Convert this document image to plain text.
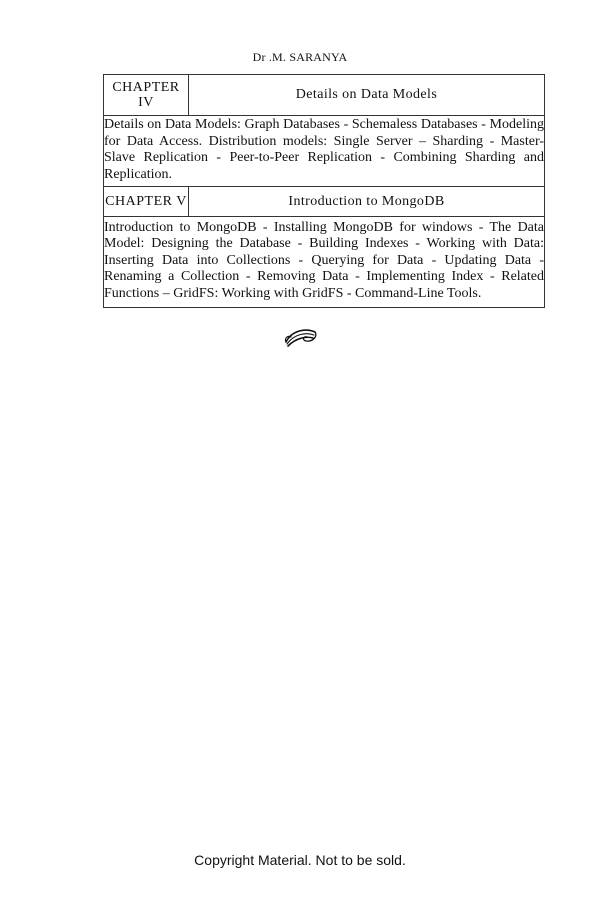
Dr .M. SARANYA
CHAPTER IV	Details on Data Models
Details on Data Models: Graph Databases - Schemaless Databases - Modeling for Data Access. Distribution models: Single Server – Sharding - Master-Slave Replication - Peer-to-Peer Replication - Combining Sharding and Replication.	
CHAPTER V	Introduction to MongoDB
Introduction to MongoDB - Installing MongoDB for windows - The Data Model: Designing the Database - Building Indexes - Working with Data: Inserting Data into Collections - Querying for Data - Updating Data - Renaming a Collection - Removing Data - Implementing Index - Related Functions – GridFS: Working with GridFS - Command-Line Tools.	
Copyright Material. Not to be sold.
